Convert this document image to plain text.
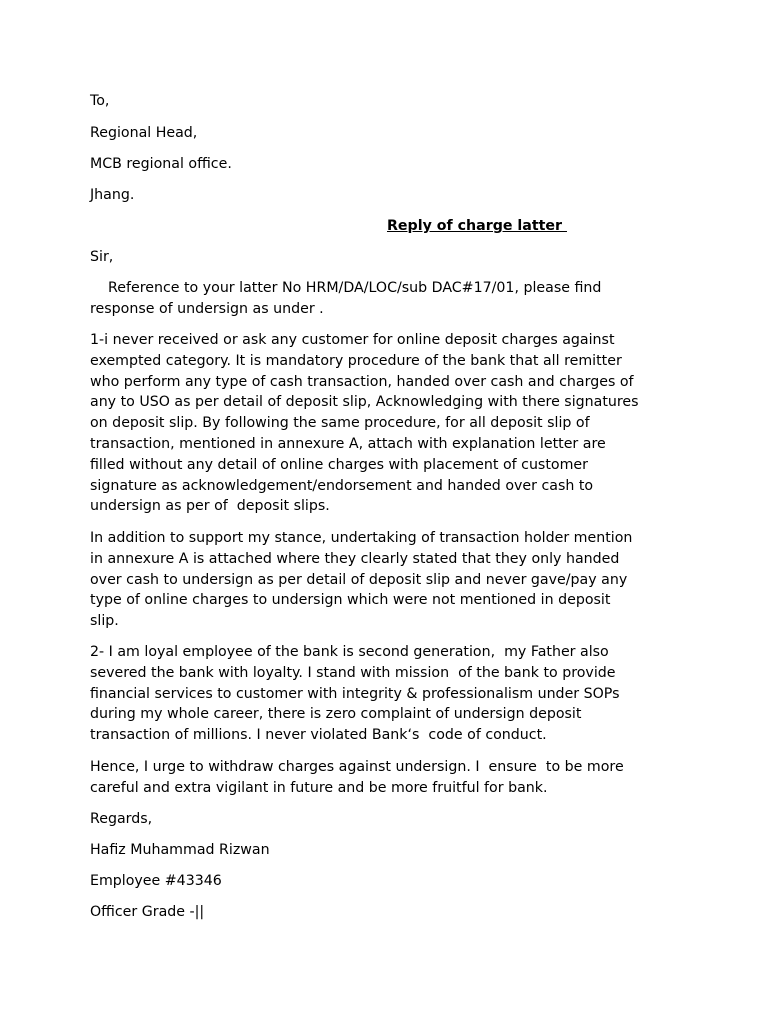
To,
Regional Head,
MCB regional office.
Jhang.
Reply of charge latter
Sir,
Reference to your latter No HRM/DA/LOC/sub DAC#17/01, please find
response of undersign as under .
1-i never received or ask any customer for online deposit charges against
exempted category. It is mandatory procedure of the bank that all remitter
who perform any type of cash transaction, handed over cash and charges of
any to USO as per detail of deposit slip, Acknowledging with there signatures
on deposit slip. By following the same procedure, for all deposit slip of
transaction, mentioned in annexure A, attach with explanation letter are
filled without any detail of online charges with placement of customer
signature as acknowledgement/endorsement and handed over cash to
undersign as per of  deposit slips.
In addition to support my stance, undertaking of transaction holder mention
in annexure A is attached where they clearly stated that they only handed
over cash to undersign as per detail of deposit slip and never gave/pay any
type of online charges to undersign which were not mentioned in deposit
slip.
2- I am loyal employee of the bank is second generation,  my Father also
severed the bank with loyalty. I stand with mission  of the bank to provide
financial services to customer with integrity & professionalism under SOPs
during my whole career, there is zero complaint of undersign deposit
transaction of millions. I never violated Bank‘s  code of conduct.
Hence, I urge to withdraw charges against undersign. I  ensure  to be more
careful and extra vigilant in future and be more fruitful for bank.
Regards,
Hafiz Muhammad Rizwan
Employee #43346
Officer Grade -||
